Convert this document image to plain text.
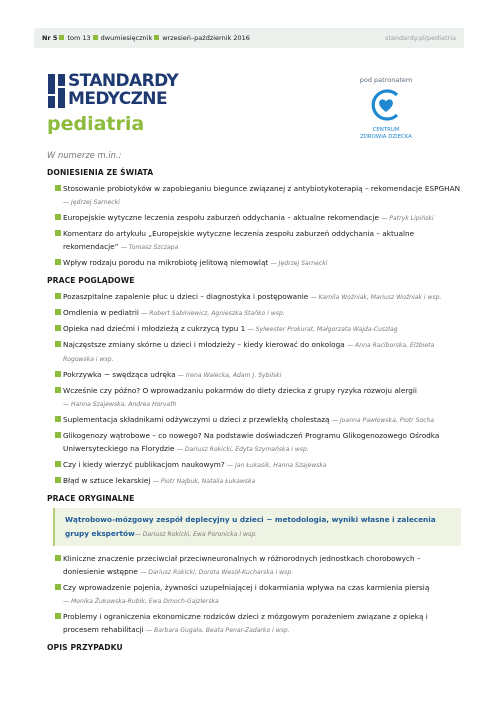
Nr 5 tom 13 dwumiesięcznik wrzesień–październik 2016	standardy.pl/pediatria
STANDARDY
MEDYCZNE
pediatria
pod patronatem
CENTRUM
ZDROWIA DZIECKA
W numerze m.in.:
DONIESIENIA ZE ŚWIATA
Stosowanie probiotyków w zapobieganiu biegunce związanej z antybiotykoterapią – rekomendacje ESPGHAN — Jędrzej Sarnecki
Europejskie wytyczne leczenia zespołu zaburzeń oddychania – aktualne rekomendacje — Patryk Lipiński
Komentarz do artykułu „Europejskie wytyczne leczenia zespołu zaburzeń oddychania – aktualne rekomendacje” — Tomasz Szczapa
Wpływ rodzaju porodu na mikrobiotę jelitową niemowląt — Jędrzej Sarnecki
PRACE POGLĄDOWE
Pozaszpitalne zapalenie płuc u dzieci – diagnostyka i postępowanie — Kamila Woźniak, Mariusz Woźniak i wsp.
Omdlenia w pediatrii — Robert Sabiniewicz, Agnieszka Stańko i wsp.
Opieka nad dziećmi i młodzieżą z cukrzycą typu 1 — Sylwester Prokurat, Małgorzata Wajda-Cuszlag
Najczęstsze zmiany skórne u dzieci i młodzieży – kiedy kierować do onkologa — Anna Raciborska, Elżbieta Rogowska i wsp.
Pokrzywka − swędząca udręka — Irena Walecka, Adam J. Sybilski
Wcześnie czy późno? O wprowadzaniu pokarmów do diety dziecka z grupy ryzyka rozwoju alergii
— Hanna Szajewska, Andrea Horvath
Suplementacja składnikami odżywczymi u dzieci z przewlekłą cholestazą — Joanna Pawłowska, Piotr Socha
Glikogenozy wątrobowe – co nowego? Na podstawie doświadczeń Programu Glikogenozowego Ośrodka Uniwersyteckiego na Florydzie — Dariusz Rokicki, Edyta Szymańska i wsp.
Czy i kiedy wierzyć publikacjom naukowym? — Jan Łukasik, Hanna Szajewska
Błąd w sztuce lekarskiej — Piotr Najbuk, Natalia Łukawska
PRACE ORYGINALNE
Wątrobowo-mózgowy zespół deplecyjny u dzieci − metodologia, wyniki własne i zalecenia grupy ekspertów— Dariusz Rokicki, Ewa Poronicka i wsp.
Kliniczne znaczenie przeciwciał przeciwneuronalnych w różnorodnych jednostkach chorobowych – doniesienie wstępne — Dariusz Rokicki, Dorota Wesół-Kucharska i wsp.
Czy wprowadzenie pojenia, żywności uzupełniającej i dokarmiania wpływa na czas karmienia piersią
— Monika Żukowska-Rubik, Ewa Dmoch-Gajzlerska
Problemy i ograniczenia ekonomiczne rodziców dzieci z mózgowym porażeniem związane z opieką i procesem rehabilitacji — Barbara Gugała, Beata Penar-Zadarko i wsp.
OPIS PRZYPADKU
